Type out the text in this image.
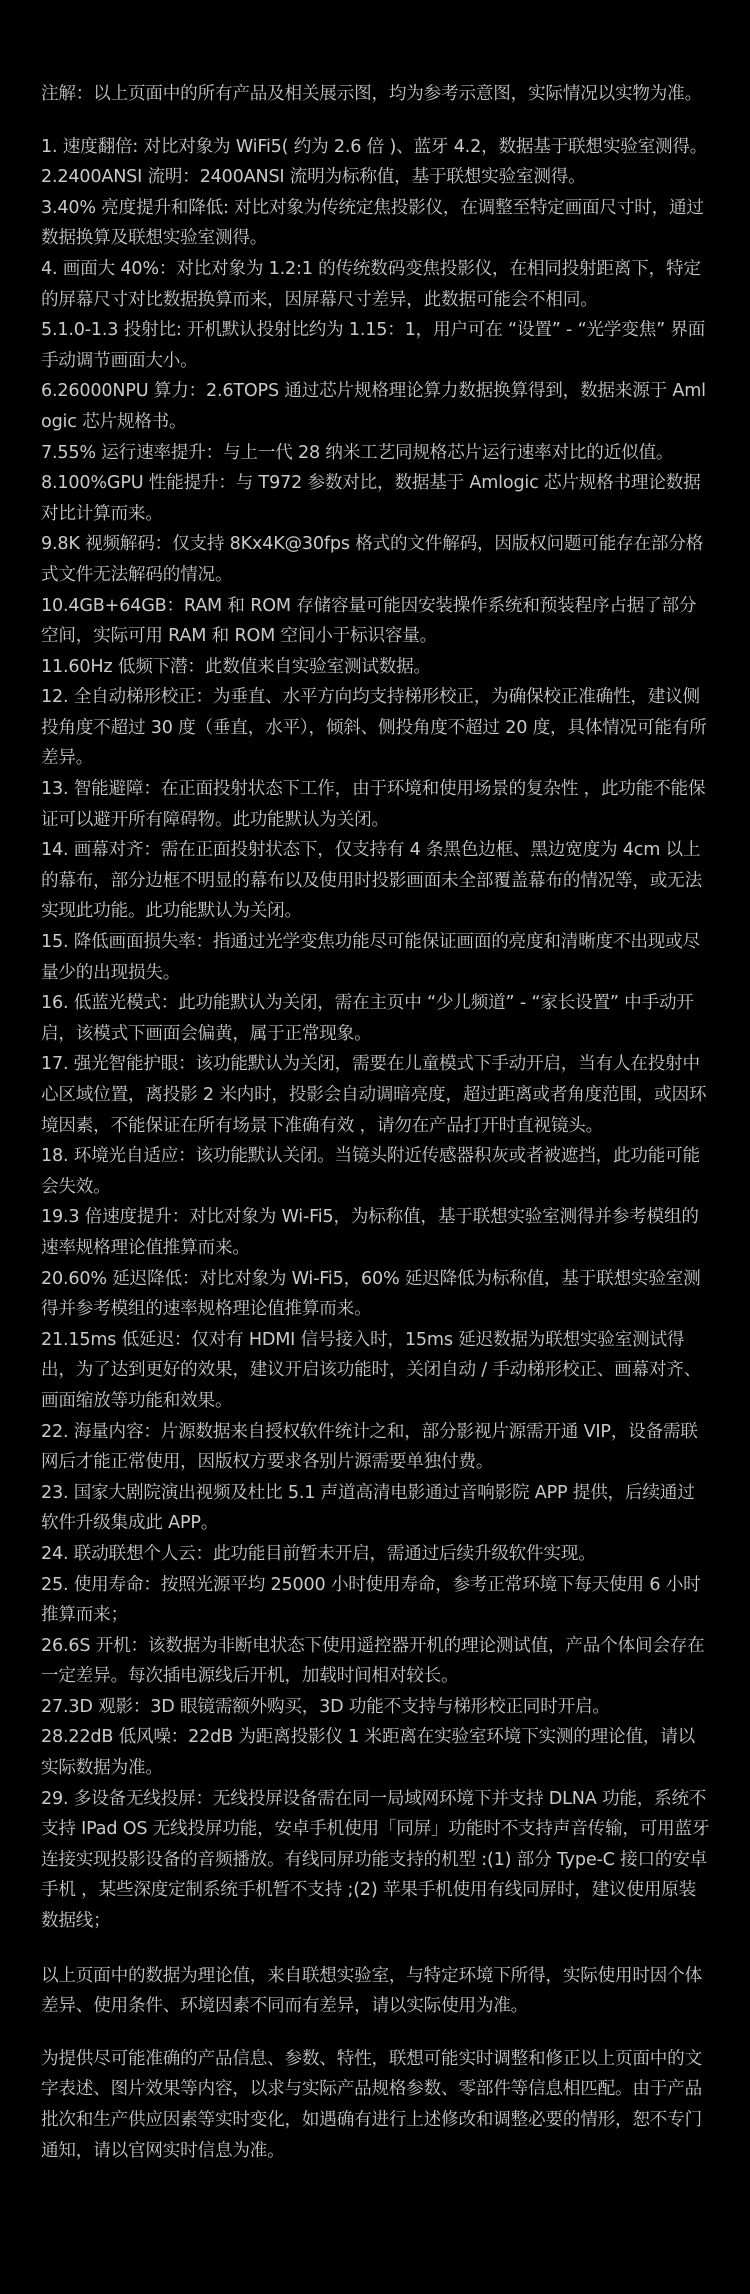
注解：以上页面中的所有产品及相关展示图，均为参考示意图，实际情况以实物为准。

1. 速度翻倍: 对比对象为 WiFi5( 约为 2.6 倍 )、蓝牙 4.2，数据基于联想实验室测得。

2.2400ANSI 流明：2400ANSI 流明为标称值，基于联想实验室测得。

3.40% 亮度提升和降低: 对比对象为传统定焦投影仪，在调整至特定画面尺寸时，通过数据换算及联想实验室测得。

4. 画面大 40%：对比对象为 1.2:1 的传统数码变焦投影仪，在相同投射距离下，特定的屏幕尺寸对比数据换算而来，因屏幕尺寸差异，此数据可能会不相同。

5.1.0-1.3 投射比: 开机默认投射比约为 1.15：1，用户可在 “设置” - “光学变焦” 界面手动调节画面大小。

6.26000NPU 算力：2.6TOPS 通过芯片规格理论算力数据换算得到，数据来源于 Amlogic 芯片规格书。

7.55% 运行速率提升：与上一代 28 纳米工艺同规格芯片运行速率对比的近似值。

8.100%GPU 性能提升：与 T972 参数对比，数据基于 Amlogic 芯片规格书理论数据对比计算而来。

9.8K 视频解码：仅支持 8Kx4K@30fps 格式的文件解码，因版权问题可能存在部分格式文件无法解码的情况。

10.4GB+64GB：RAM 和 ROM 存储容量可能因安装操作系统和预装程序占据了部分空间，实际可用 RAM 和 ROM 空间小于标识容量。

11.60Hz 低频下潜：此数值来自实验室测试数据。

12. 全自动梯形校正：为垂直、水平方向均支持梯形校正，为确保校正准确性，建议侧投角度不超过 30 度（垂直，水平），倾斜、侧投角度不超过 20 度，具体情况可能有所差异。

13. 智能避障：在正面投射状态下工作，由于环境和使用场景的复杂性 ，此功能不能保证可以避开所有障碍物。此功能默认为关闭。

14. 画幕对齐：需在正面投射状态下，仅支持有 4 条黑色边框、黑边宽度为 4cm 以上的幕布，部分边框不明显的幕布以及使用时投影画面未全部覆盖幕布的情况等，或无法实现此功能。此功能默认为关闭。

15. 降低画面损失率：指通过光学变焦功能尽可能保证画面的亮度和清晰度不出现或尽量少的出现损失。

16. 低蓝光模式：此功能默认为关闭，需在主页中 “少儿频道” - “家长设置” 中手动开启，该模式下画面会偏黄，属于正常现象。

17. 强光智能护眼：该功能默认为关闭，需要在儿童模式下手动开启，当有人在投射中心区域位置，离投影 2 米内时，投影会自动调暗亮度，超过距离或者角度范围，或因环境因素，不能保证在所有场景下准确有效 ，请勿在产品打开时直视镜头。

18. 环境光自适应：该功能默认关闭。当镜头附近传感器积灰或者被遮挡，此功能可能会失效。

19.3 倍速度提升：对比对象为 Wi-Fi5，为标称值，基于联想实验室测得并参考模组的速率规格理论值推算而来。

20.60% 延迟降低：对比对象为 Wi-Fi5，60% 延迟降低为标称值，基于联想实验室测得并参考模组的速率规格理论值推算而来。

21.15ms 低延迟：仅对有 HDMI 信号接入时，15ms 延迟数据为联想实验室测试得出，为了达到更好的效果，建议开启该功能时，关闭自动 / 手动梯形校正、画幕对齐、画面缩放等功能和效果。

22. 海量内容：片源数据来自授权软件统计之和，部分影视片源需开通 VIP，设备需联网后才能正常使用，因版权方要求各别片源需要单独付费。

23. 国家大剧院演出视频及杜比 5.1 声道高清电影通过音响影院 APP 提供，后续通过软件升级集成此 APP。

24. 联动联想个人云：此功能目前暂未开启，需通过后续升级软件实现。

25. 使用寿命：按照光源平均 25000 小时使用寿命，参考正常环境下每天使用 6 小时推算而来；

26.6S 开机：该数据为非断电状态下使用遥控器开机的理论测试值，产品个体间会存在一定差异。每次插电源线后开机，加载时间相对较长。

27.3D 观影：3D 眼镜需额外购买，3D 功能不支持与梯形校正同时开启。

28.22dB 低风噪：22dB 为距离投影仪 1 米距离在实验室环境下实测的理论值，请以实际数据为准。

29. 多设备无线投屏：无线投屏设备需在同一局域网环境下并支持 DLNA 功能，系统不支持 IPad OS 无线投屏功能，安卓手机使用「同屏」功能时不支持声音传输，可用蓝牙连接实现投影设备的音频播放。有线同屏功能支持的机型 :(1) 部分 Type-C 接口的安卓手机 ，某些深度定制系统手机暂不支持 ;(2) 苹果手机使用有线同屏时，建议使用原装数据线；

以上页面中的数据为理论值，来自联想实验室，与特定环境下所得，实际使用时因个体差异、使用条件、环境因素不同而有差异，请以实际使用为准。

为提供尽可能准确的产品信息、参数、特性，联想可能实时调整和修正以上页面中的文字表述、图片效果等内容，以求与实际产品规格参数、零部件等信息相匹配。由于产品批次和生产供应因素等实时变化，如遇确有进行上述修改和调整必要的情形，恕不专门通知，请以官网实时信息为准。
